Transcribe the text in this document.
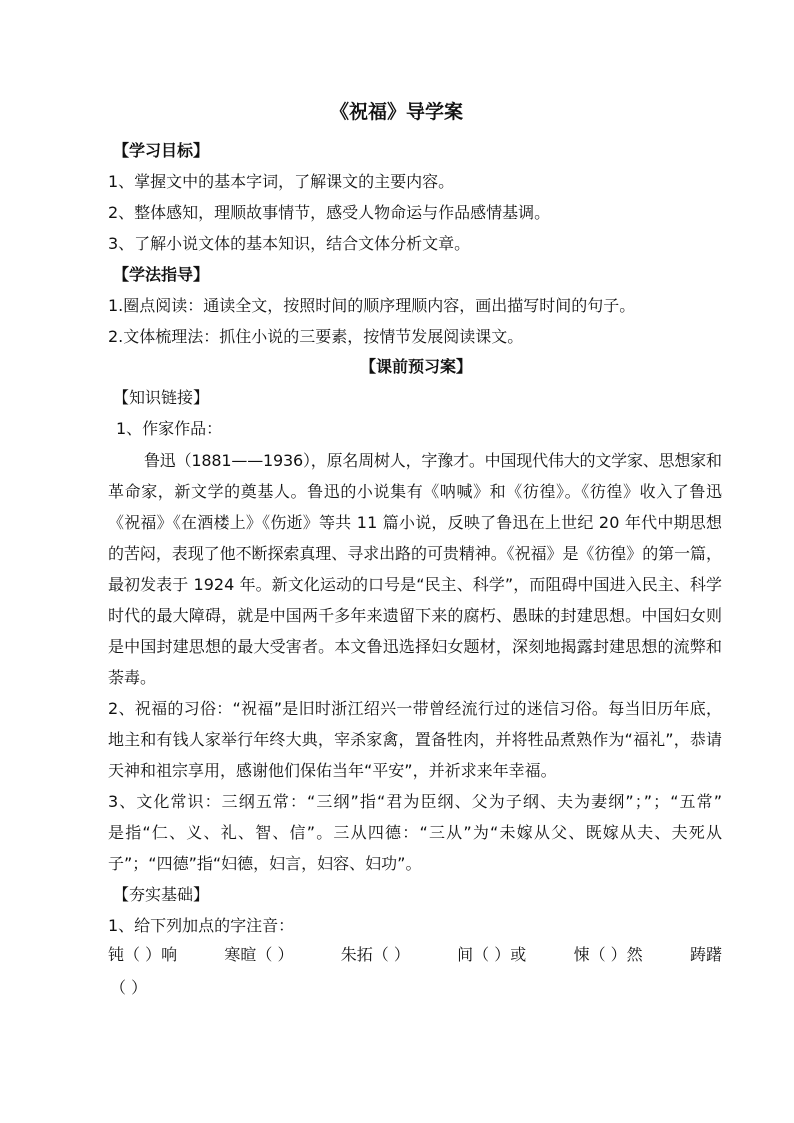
《祝福》导学案
【学习目标】
1、掌握文中的基本字词，了解课文的主要内容。
2、整体感知，理顺故事情节，感受人物命运与作品感情基调。
3、了解小说文体的基本知识，结合文体分析文章。
【学法指导】
1.圈点阅读：通读全文，按照时间的顺序理顺内容，画出描写时间的句子。
2.文体梳理法：抓住小说的三要素，按情节发展阅读课文。
【课前预习案】
【知识链接】
1、作家作品：
鲁迅（1881——1936），原名周树人，字豫才。中国现代伟大的文学家、思想家和
革命家，新文学的奠基人。鲁迅的小说集有《呐喊》和《彷徨》。《彷徨》收入了鲁迅
《祝福》《在酒楼上》《伤逝》等共 11 篇小说，反映了鲁迅在上世纪 20 年代中期思想
的苦闷，表现了他不断探索真理、寻求出路的可贵精神。《祝福》是《彷徨》的第一篇，
最初发表于 1924 年。新文化运动的口号是“民主、科学”，而阻碍中国进入民主、科学
时代的最大障碍，就是中国两千多年来遗留下来的腐朽、愚昧的封建思想。中国妇女则
是中国封建思想的最大受害者。本文鲁迅选择妇女题材，深刻地揭露封建思想的流弊和
荼毒。
2、祝福的习俗：“祝福”是旧时浙江绍兴一带曾经流行过的迷信习俗。每当旧历年底，
地主和有钱人家举行年终大典，宰杀家禽，置备牲肉，并将牲品煮熟作为“福礼”，恭请
天神和祖宗享用，感谢他们保佑当年“平安”，并祈求来年幸福。
3、文化常识：三纲五常：“三纲”指“君为臣纲、父为子纲、夫为妻纲”；”；“五常”
是指“仁、义、礼、智、信”。三从四德：“三从”为“未嫁从父、既嫁从夫、夫死从
子”；“四德”指“妇德，妇言，妇容、妇功”。
【夯实基础】
1、给下列加点的字注音：
钝（ ）响	寒暄（ ）	朱拓（ ）	间（ ）或	悚（ ）然	踌躇
（ ）
